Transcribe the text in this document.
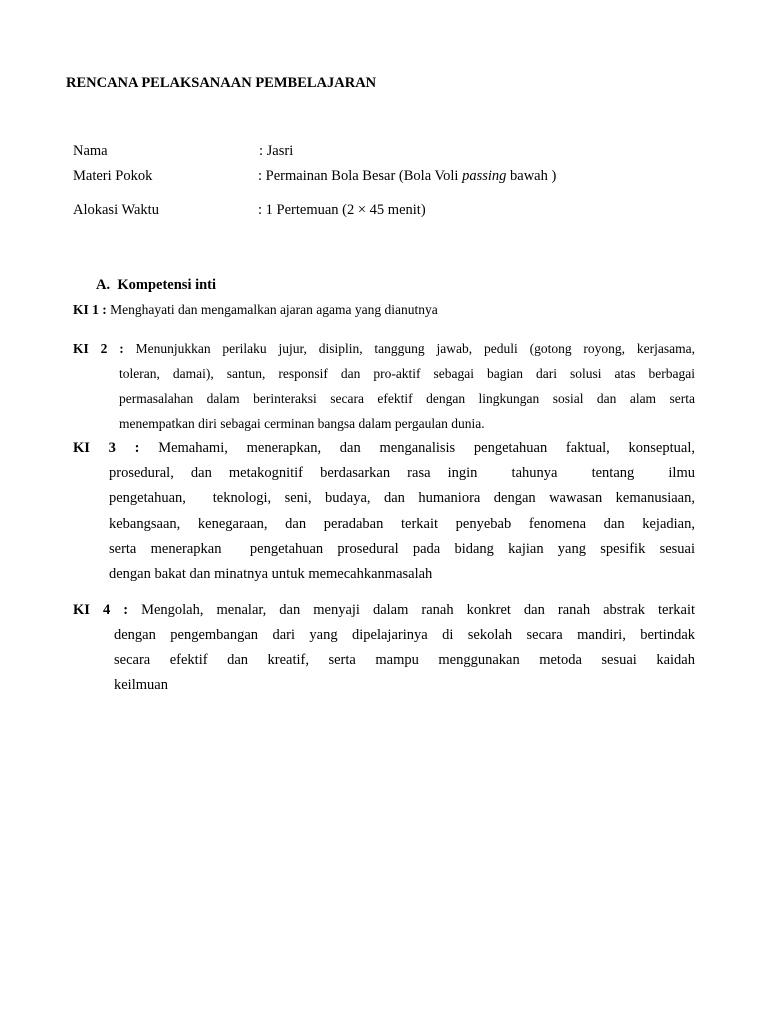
RENCANA PELAKSANAAN PEMBELAJARAN
Nama	: Jasri
Materi Pokok	: Permainan Bola Besar (Bola Voli passing bawah )
Alokasi Waktu	: 1 Pertemuan (2 × 45 menit)
A. Kompetensi inti
KI 1 : Menghayati dan mengamalkan ajaran agama yang dianutnya
KI 2 : Menunjukkan perilaku jujur, disiplin, tanggung jawab, peduli (gotong royong, kerjasama,
toleran, damai), santun, responsif dan pro-aktif sebagai bagian dari solusi atas berbagai
permasalahan dalam berinteraksi secara efektif dengan lingkungan sosial dan alam serta
menempatkan diri sebagai cerminan bangsa dalam pergaulan dunia.
KI 3 : Memahami, menerapkan, dan menganalisis pengetahuan faktual, konseptual,
prosedural, dan metakognitif berdasarkan rasa ingin  tahunya  tentang  ilmu
pengetahuan,  teknologi, seni, budaya, dan humaniora dengan wawasan kemanusiaan,
kebangsaan, kenegaraan, dan peradaban terkait penyebab fenomena dan kejadian,
serta menerapkan  pengetahuan prosedural pada bidang kajian yang spesifik sesuai
dengan bakat dan minatnya untuk memecahkanmasalah
KI 4 : Mengolah, menalar, dan menyaji dalam ranah konkret dan ranah abstrak terkait
dengan pengembangan dari yang dipelajarinya di sekolah secara mandiri, bertindak
secara efektif dan kreatif, serta mampu menggunakan metoda sesuai kaidah
keilmuan
